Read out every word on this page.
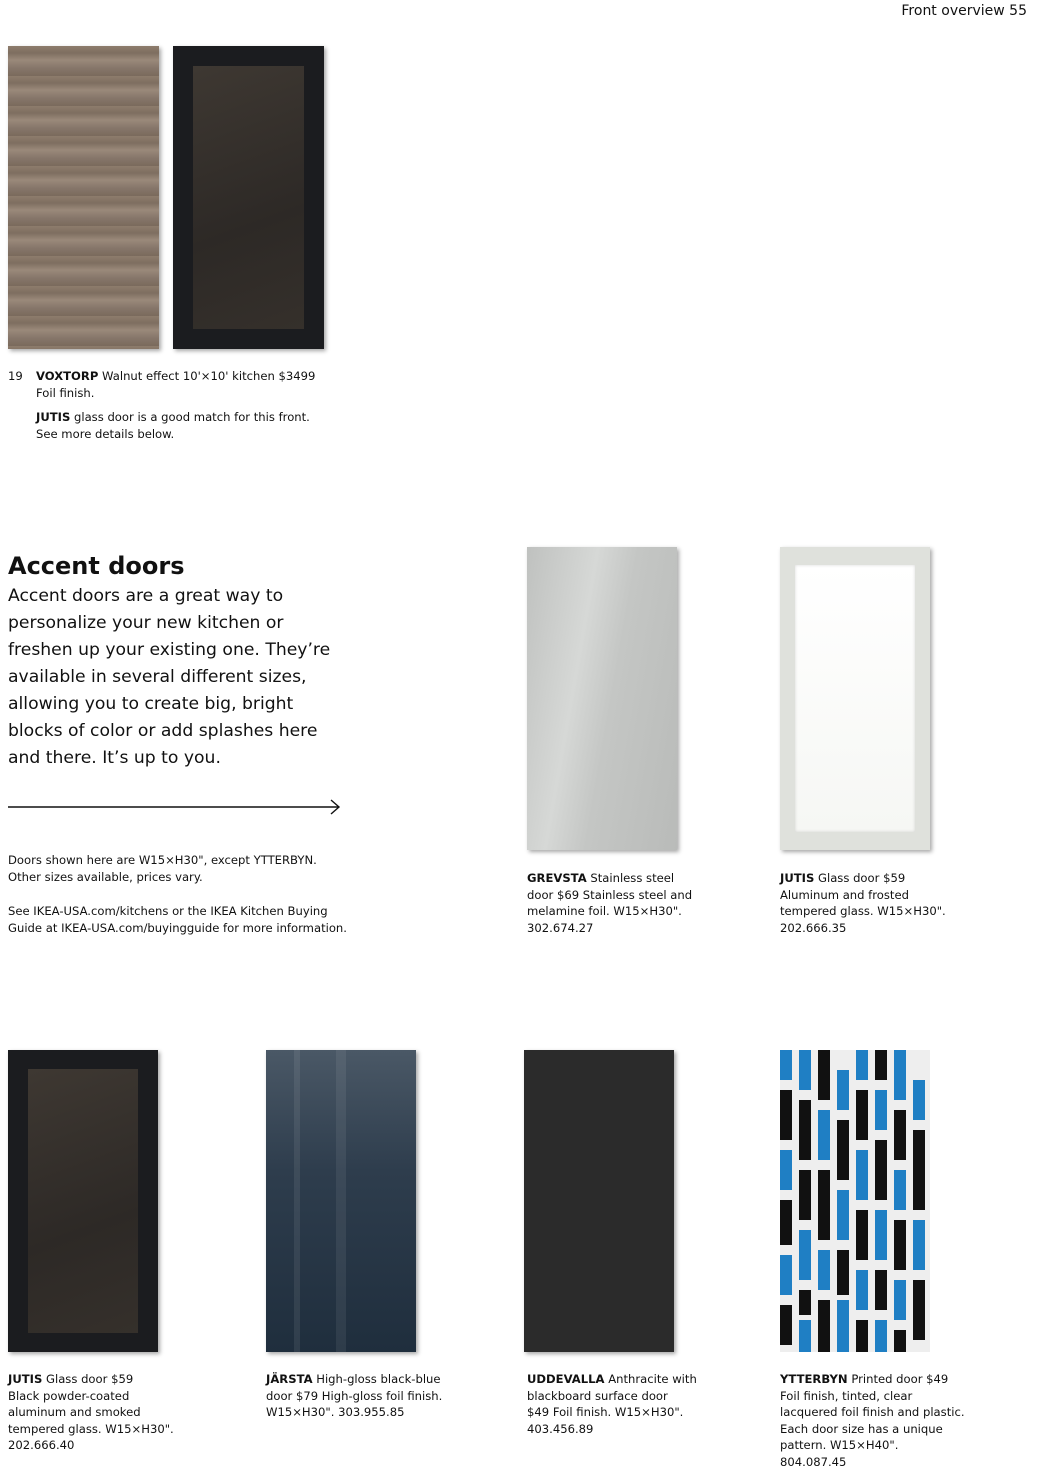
Front overview 55
19 VOXTORP Walnut effect 10'×10' kitchen $3499

Foil finish.

JUTIS glass door is a good match for this front.

See more details below.

Accent doors
Accent doors are a great way to
personalize your new kitchen or
freshen up your existing one. They’re
available in several different sizes,
allowing you to create big, bright
blocks of color or add splashes here
and there. It’s up to you.
Doors shown here are W15×H30", except YTTERBYN.
Other sizes available, prices vary.
See IKEA-USA.com/kitchens or the IKEA Kitchen Buying
Guide at IKEA-USA.com/buyingguide for more information.
GREVSTA Stainless steel

door $69 Stainless steel and

melamine foil. W15×H30".

302.674.27

JUTIS Glass door $59

Aluminum and frosted

tempered glass. W15×H30".

202.666.35

JUTIS Glass door $59

Black powder-coated

aluminum and smoked

tempered glass. W15×H30".

202.666.40

JÄRSTA High-gloss black-blue

door $79 High-gloss foil finish.

W15×H30". 303.955.85

UDDEVALLA Anthracite with

blackboard surface door

$49 Foil finish. W15×H30".

403.456.89

YTTERBYN Printed door $49

Foil finish, tinted, clear

lacquered foil finish and plastic.

Each door size has a unique

pattern. W15×H40".

804.087.45
